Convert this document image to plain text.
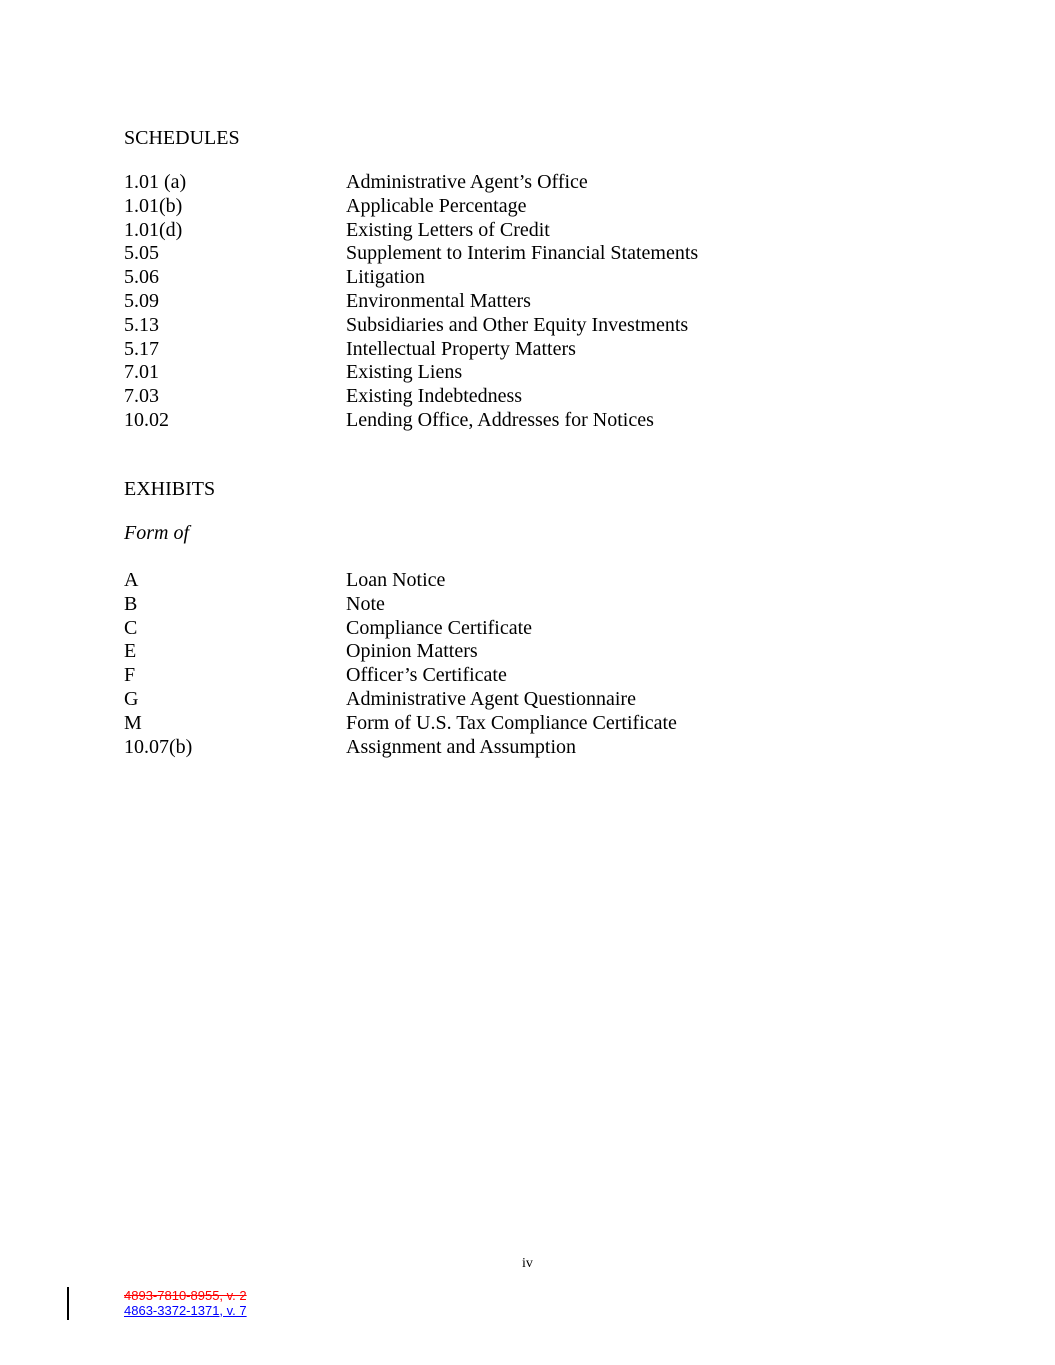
SCHEDULES
1.01 (a)	Administrative Agent’s Office
1.01(b)	Applicable Percentage
1.01(d)	Existing Letters of Credit
5.05	Supplement to Interim Financial Statements
5.06	Litigation
5.09	Environmental Matters
5.13	Subsidiaries and Other Equity Investments
5.17	Intellectual Property Matters
7.01	Existing Liens
7.03	Existing Indebtedness
10.02	Lending Office, Addresses for Notices
EXHIBITS
Form of
A	Loan Notice
B	Note
C	Compliance Certificate
E	Opinion Matters
F	Officer’s Certificate
G	Administrative Agent Questionnaire
M	Form of U.S. Tax Compliance Certificate
10.07(b)	Assignment and Assumption
iv
4893-7810-8955, v. 2
4863-3372-1371, v. 7
